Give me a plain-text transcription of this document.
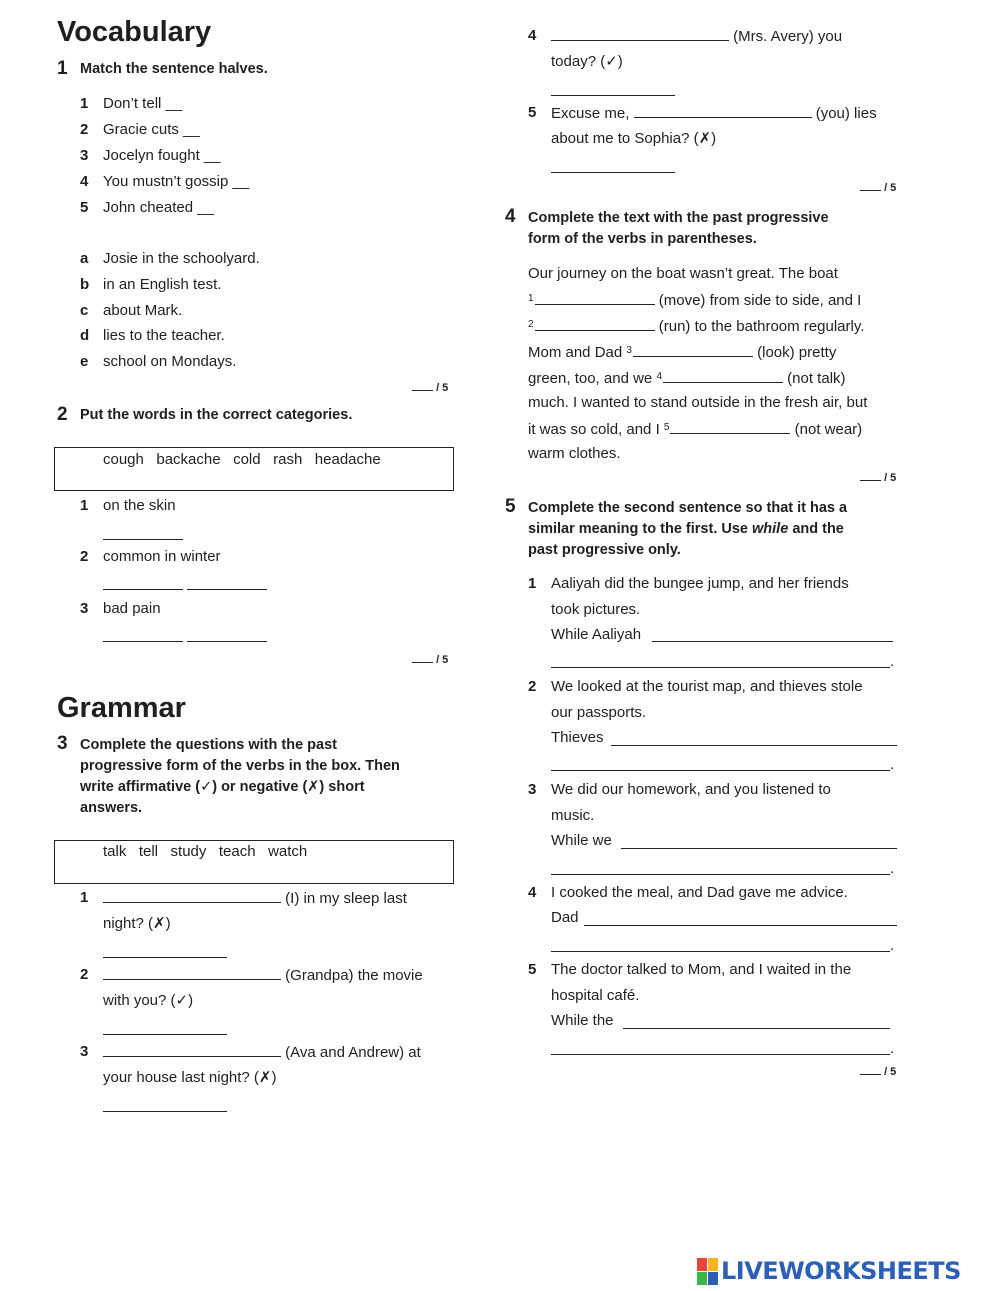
Vocabulary
1 Match the sentence halves.
1 Don’t tell __
2 Gracie cuts __
3 Jocelyn fought __
4 You mustn’t gossip __
5 John cheated __
a Josie in the schoolyard.
b in an English test.
c about Mark.
d lies to the teacher.
e school on Mondays.
/ 5
2 Put the words in the correct categories.
cough   backache   cold   rash   headache
1 on the skin
2 common in winter
3 bad pain
/ 5
Grammar
3 Complete the questions with the past
progressive form of the verbs in the box. Then
write affirmative (✓) or negative (✗) short
answers.
talk   tell   study   teach   watch
1	(I) in my sleep last
night? (✗)
2	(Grandpa) the movie
with you? (✓)
3	(Ava and Andrew) at
your house last night? (✗)
4	(Mrs. Avery) you
today? (✓)
5 Excuse me,	(you) lies
about me to Sophia? (✗)
/ 5
4 Complete the text with the past progressive
form of the verbs in parentheses.
Our journey on the boat wasn’t great. The boat
$^1$	(move) from side to side, and I
$^2$	(run) to the bathroom regularly.
Mom and Dad $^3$	(look) pretty
green, too, and we $^4$	(not talk)
much. I wanted to stand outside in the fresh air, but
it was so cold, and I $^5$	(not wear)
warm clothes.
/ 5
5 Complete the second sentence so that it has a
similar meaning to the first. Use while and the
past progressive only.
1 Aaliyah did the bungee jump, and her friends
took pictures.
While Aaliyah
.
2 We looked at the tourist map, and thieves stole
our passports.
Thieves
.
3 We did our homework, and you listened to
music.
While we
.
4 I cooked the meal, and Dad gave me advice.
Dad
.
5 The doctor talked to Mom, and I waited in the
hospital café.
While the
.
/ 5
LIVEWORKSHEETS
